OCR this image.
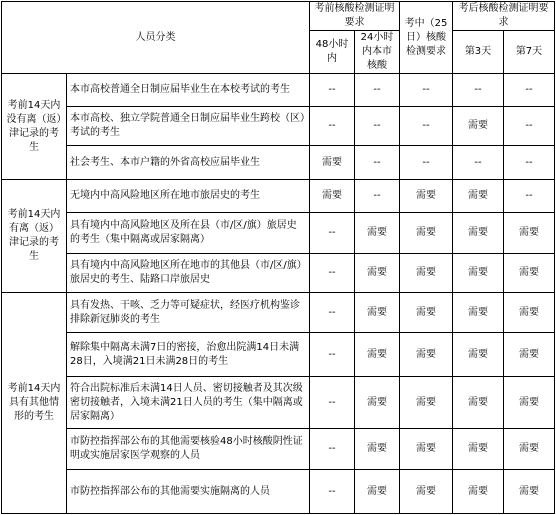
人员分类		考前核酸检测证明要求		考中（25日）核酸检测要求	考后核酸检测证明要求	
		48小时内	24小时内本市核酸		第3天	第7天
考前14天内没有离（返）津记录的考生	本市高校普通全日制应届毕业生在本校考试的考生	--	--	--	--	--
	本市高校、独立学院普通全日制应届毕业生跨校（区）考试的考生	--	--	--	需要	--
	社会考生、本市户籍的外省高校应届毕业生	需要	--	--	--	--
考前14天内有离（返）津记录的考生	无境内中高风险地区所在地市旅居史的考生	需要	--	需要	需要	--
	具有境内中高风险地区及所在县（市/区/旗）旅居史的考生（集中隔离或居家隔离）	--	需要	需要	需要	需要
	具有境内中高风险地区所在地市的其他县（市/区/旗）旅居史的考生、陆路口岸旅居史	--	需要	需要	需要	需要
考前14天内具有其他情形的考生	具有发热、干咳、乏力等可疑症状，经医疗机构鉴诊排除新冠肺炎的考生	--	需要	需要	需要	需要
	解除集中隔离未满7日的密接，治愈出院满14日未满28日，入境满21日未满28日的考生	--	需要	需要	需要	需要
	符合出院标准后未满14日人员、密切接触者及其次级密切接触者，入境未满21日人员的考生（集中隔离或居家隔离）	--	需要	需要	需要	需要
	市防控指挥部公布的其他需要核验48小时核酸阴性证明或实施居家医学观察的人员	--	需要	需要	需要	需要
	市防控指挥部公布的其他需要实施隔离的人员	--	需要	需要	需要	需要
